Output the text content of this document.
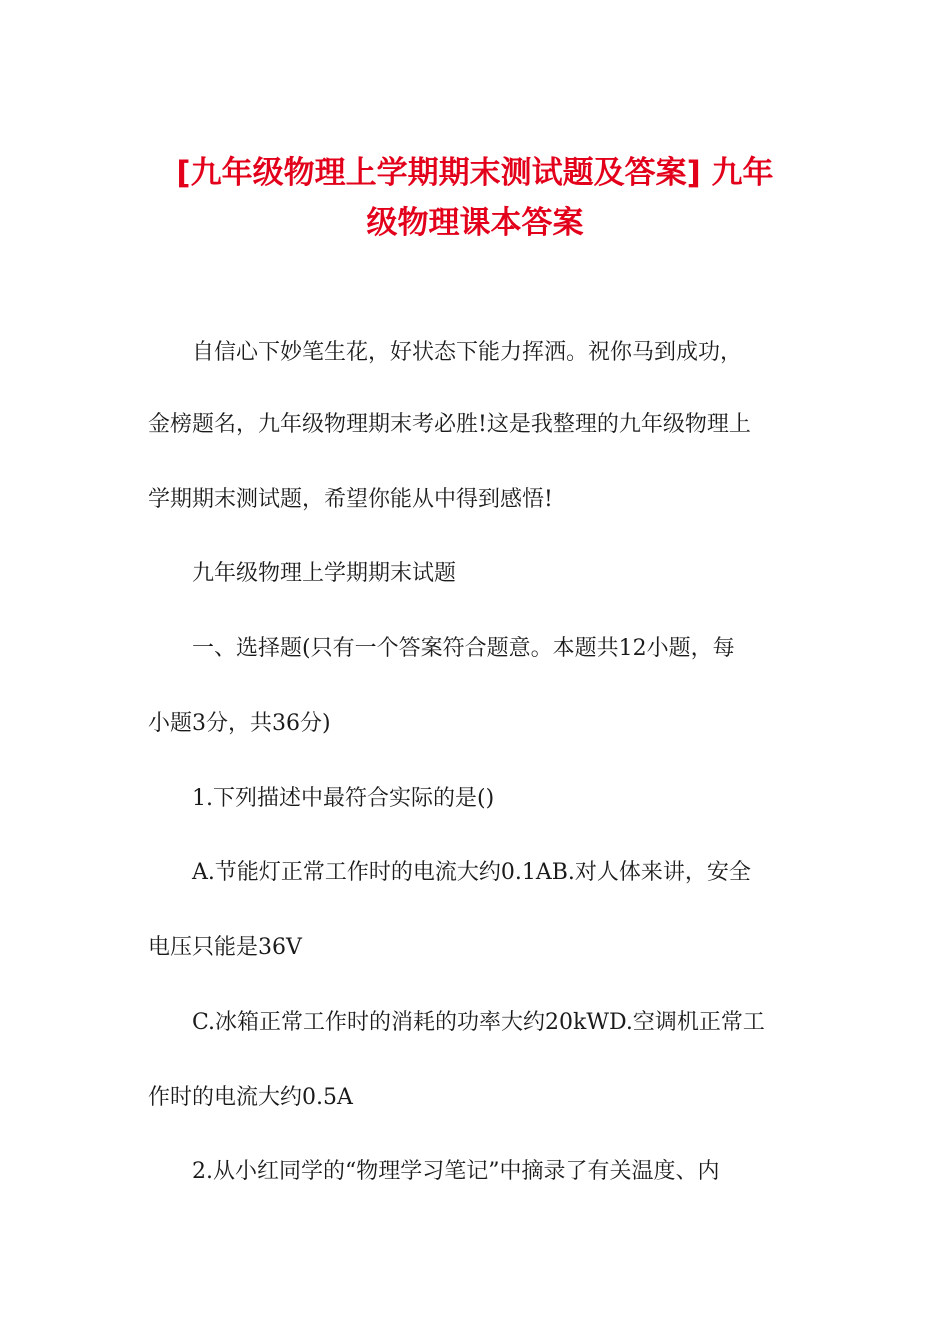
[九年级物理上学期期末测试题及答案] 九年
级物理课本答案
自信心下妙笔生花，好状态下能力挥洒。祝你马到成功，
金榜题名，九年级物理期末考必胜!这是我整理的九年级物理上
学期期末测试题，希望你能从中得到感悟!
九年级物理上学期期末试题
一、选择题(只有一个答案符合题意。本题共12小题，每
小题3分，共36分)
1.下列描述中最符合实际的是()
A.节能灯正常工作时的电流大约0.1AB.对人体来讲，安全
电压只能是36V
C.冰箱正常工作时的消耗的功率大约20kWD.空调机正常工
作时的电流大约0.5A
2.从小红同学的“物理学习笔记”中摘录了有关温度、内
